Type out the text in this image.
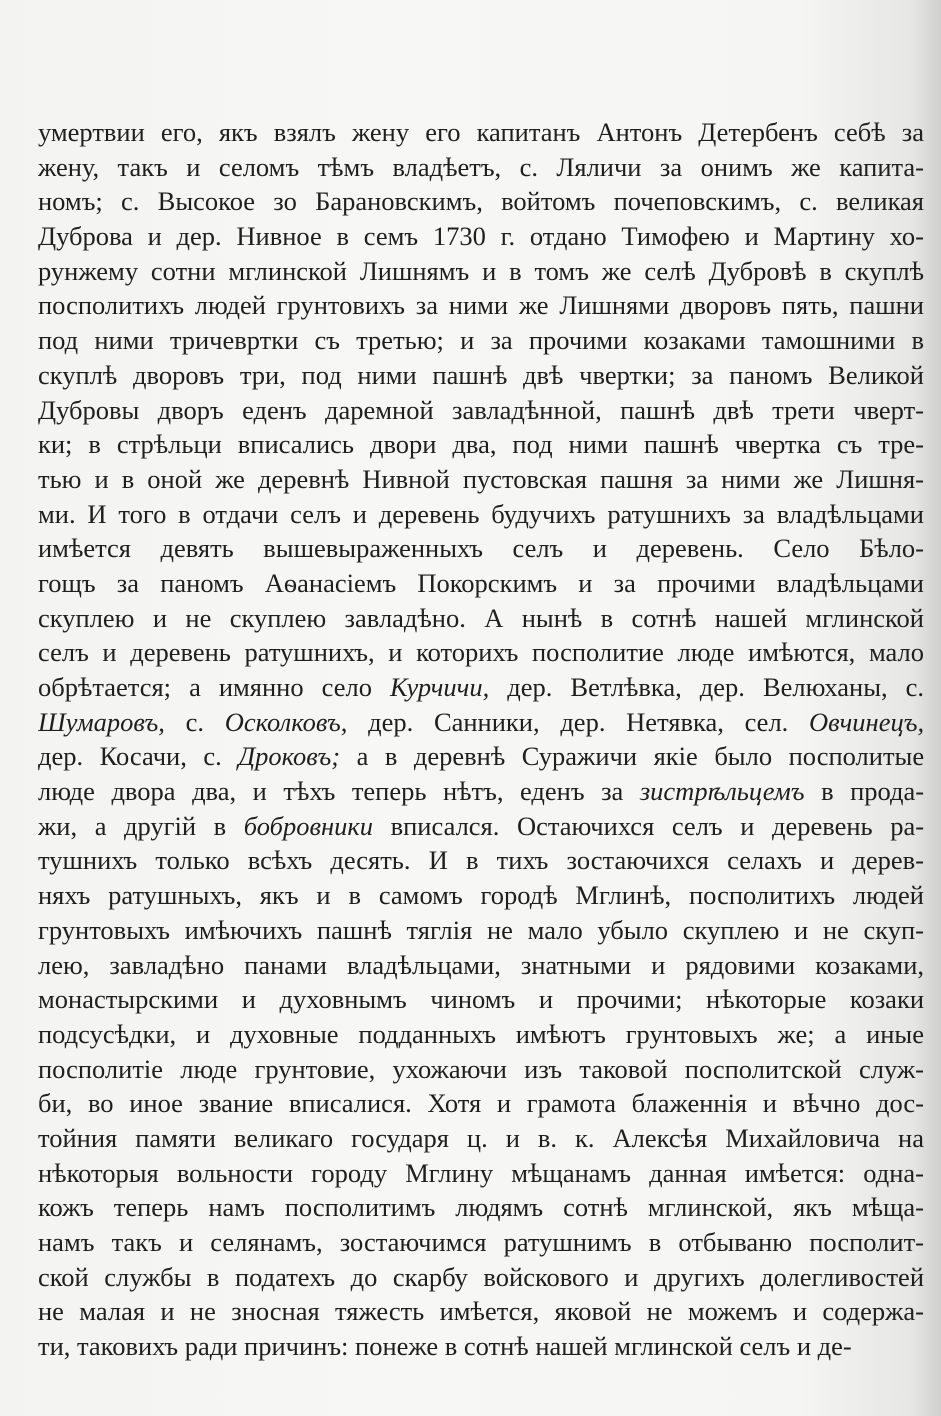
умертвии его, якъ взялъ жену его капитанъ Антонъ Детербенъ себѣ за
жену, такъ и селомъ тѣмъ владѣетъ, с. Ляличи за онимъ же капита-
номъ; с. Высокое зо Барановскимъ, войтомъ почеповскимъ, с. великая
Дуброва и дер. Нивное в семъ 1730 г. отдано Тимофею и Мартину хо-
рунжему сотни мглинской Лишнямъ и в томъ же селѣ Дубровѣ в скуплѣ
посполитихъ людей грунтовихъ за ними же Лишнями дворовъ пять, пашни
под ними тричевртки съ третью; и за прочими козаками тамошними в
скуплѣ дворовъ три, под ними пашнѣ двѣ чвертки; за паномъ Великой
Дубровы дворъ еденъ даремной завладѣнной, пашнѣ двѣ трети чверт-
ки; в стрѣльци вписались двори два, под ними пашнѣ чвертка съ тре-
тью и в оной же деревнѣ Нивной пустовская пашня за ними же Лишня-
ми. И того в отдачи селъ и деревень будучихъ ратушнихъ за владѣльцами
имѣется девять вышевыраженныхъ селъ и деревень. Село Бѣло-
гощъ за паномъ Аѳанасіемъ Покорскимъ и за прочими владѣльцами
скуплею и не скуплею завладѣно. А нынѣ в сотнѣ нашей мглинской
селъ и деревень ратушнихъ, и которихъ посполитие люде имѣются, мало
обрѣтается; а имянно село Курчичи, дер. Ветлѣвка, дер. Велюханы, с.
Шумаровъ, с. Осколковъ, дер. Санники, дер. Нетявка, сел. Овчинецъ,
дер. Косачи, с. Дроковъ; а в деревнѣ Суражичи якіе было посполитые
люде двора два, и тѣхъ теперь нѣтъ, еденъ за зистрѣльцемъ в прода-
жи, а другій в бобровники вписался. Остаючихся селъ и деревень ра-
тушнихъ только всѣхъ десять. И в тихъ зостаючихся селахъ и дерев-
няхъ ратушныхъ, якъ и в самомъ городѣ Мглинѣ, посполитихъ людей
грунтовыхъ имѣючихъ пашнѣ тяглія не мало убыло скуплею и не скуп-
лею, завладѣно панами владѣльцами, знатными и рядовими козаками,
монастырскими и духовнымъ чиномъ и прочими; нѣкоторые козаки
подсусѣдки, и духовные подданныхъ имѣютъ грунтовыхъ же; а иные
посполитіе люде грунтовие, ухожаючи изъ таковой посполитской служ-
би, во иное звание вписалися. Хотя и грамота блаженнія и вѣчно дос-
тойния памяти великаго государя ц. и в. к. Алексѣя Михайловича на
нѣкоторыя вольности городу Мглину мѣщанамъ данная имѣется: одна-
кожъ теперь намъ посполитимъ людямъ сотнѣ мглинской, якъ мѣща-
намъ такъ и селянамъ, зостаючимся ратушнимъ в отбываню посполит-
ской службы в податехъ до скарбу войскового и другихъ долегливостей
не малая и не зносная тяжесть имѣется, яковой не можемъ и содержа-
ти, таковихъ ради причинъ: понеже в сотнѣ нашей мглинской селъ и де-
